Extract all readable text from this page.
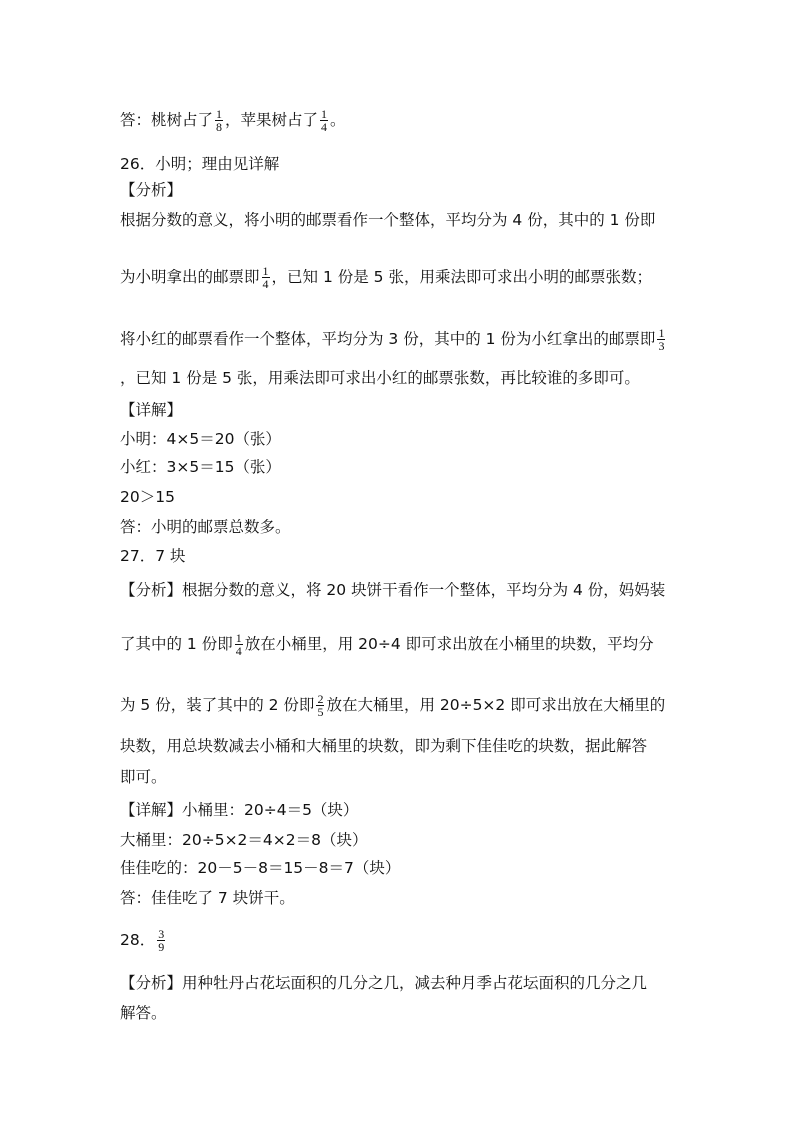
答：桃树占了 $\frac{1}{8}$ ，苹果树占了 $\frac{1}{4}$ 。
26．小明；理由见详解
【分析】
根据分数的意义，将小明的邮票看作一个整体，平均分为 4 份，其中的 1 份即
为小明拿出的邮票即 $\frac{1}{4}$ ，已知 1 份是 5 张，用乘法即可求出小明的邮票张数；
将小红的邮票看作一个整体，平均分为 3 份，其中的 1 份为小红拿出的邮票即 $\frac{1}{3}$
，已知 1 份是 5 张，用乘法即可求出小红的邮票张数，再比较谁的多即可。
【详解】
小明：4×5＝20（张）
小红：3×5＝15（张）
20＞15
答：小明的邮票总数多。
27．7 块
【分析】根据分数的意义，将 20 块饼干看作一个整体，平均分为 4 份，妈妈装
了其中的 1 份即 $\frac{1}{4}$ 放在小桶里，用 20÷4 即可求出放在小桶里的块数，平均分
为 5 份，装了其中的 2 份即 $\frac{2}{5}$ 放在大桶里，用 20÷5×2 即可求出放在大桶里的
块数，用总块数减去小桶和大桶里的块数，即为剩下佳佳吃的块数，据此解答
即可。
【详解】小桶里：20÷4＝5（块）
大桶里：20÷5×2＝4×2＝8（块）
佳佳吃的：20－5－8＝15－8＝7（块）
答：佳佳吃了 7 块饼干。
28． $\frac{3}{9}$
【分析】用种牡丹占花坛面积的几分之几，减去种月季占花坛面积的几分之几
解答。
